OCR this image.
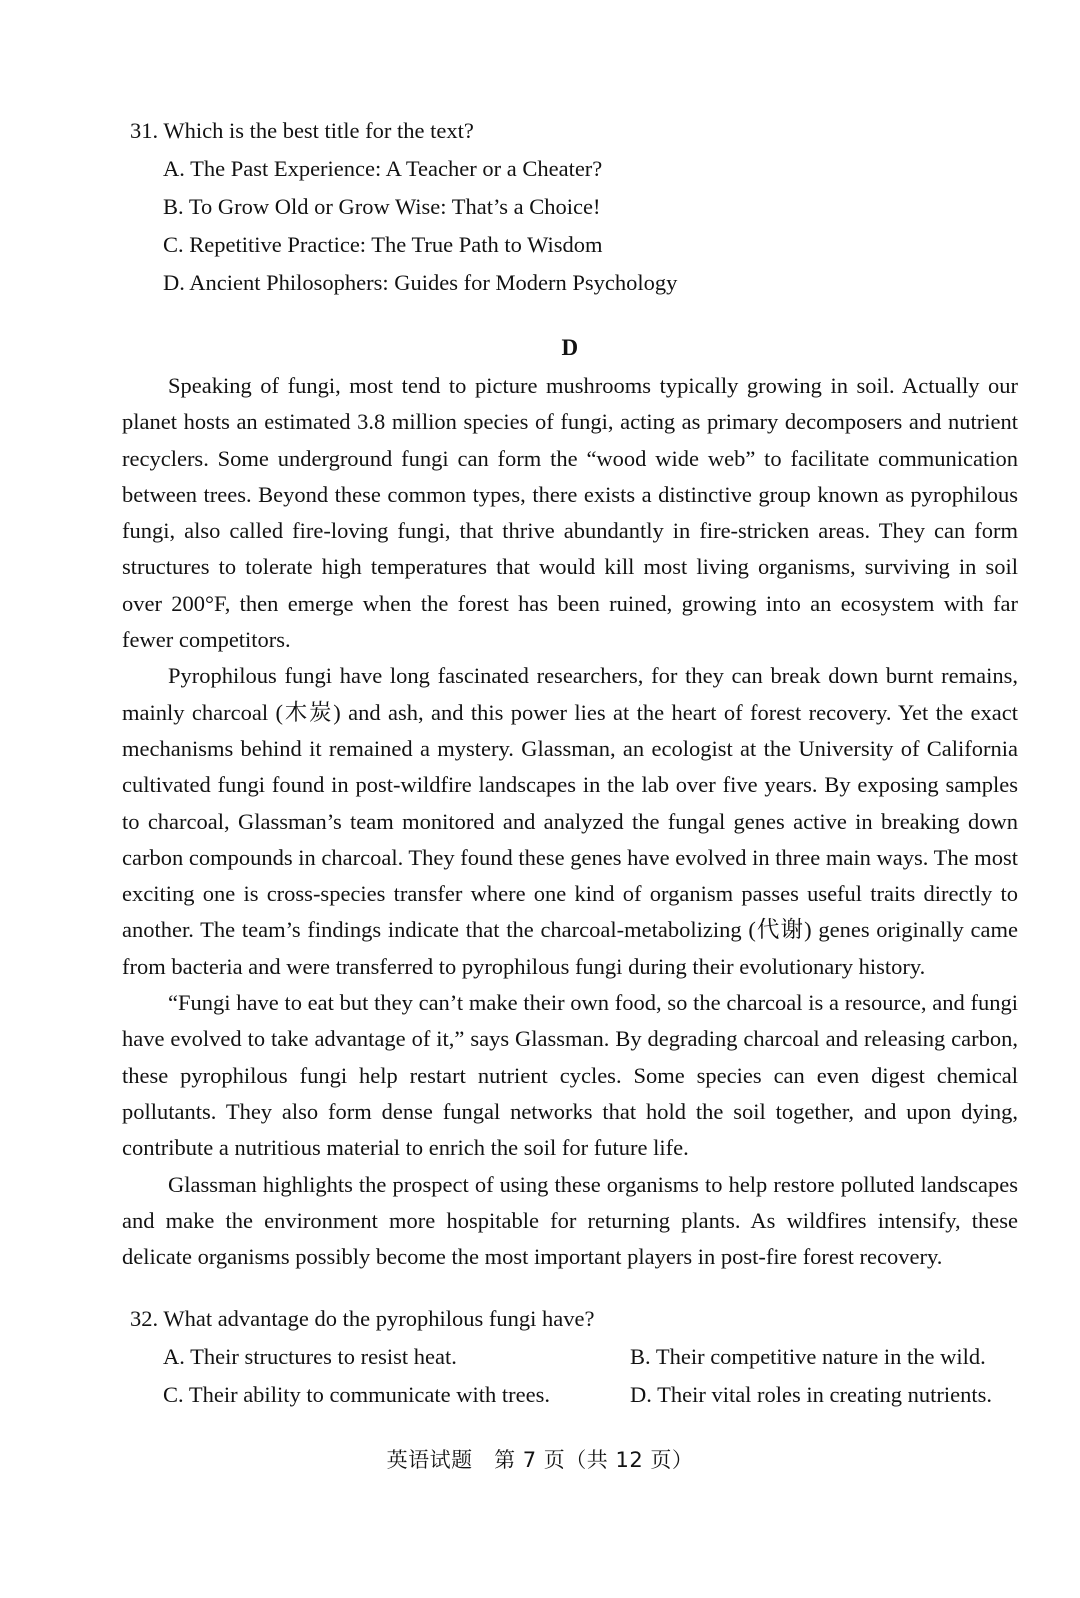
31. Which is the best title for the text?
A. The Past Experience: A Teacher or a Cheater?
B. To Grow Old or Grow Wise: That’s a Choice!
C. Repetitive Practice: The True Path to Wisdom
D. Ancient Philosophers: Guides for Modern Psychology
D

Speaking of fungi, most tend to picture mushrooms typically growing in soil. Actually our planet hosts an estimated 3.8 million species of fungi, acting as primary decomposers and nutrient recyclers. Some underground fungi can form the “wood wide web” to facilitate communication between trees. Beyond these common types, there exists a distinctive group known as pyrophilous fungi, also called fire-loving fungi, that thrive abundantly in fire-stricken areas. They can form structures to tolerate high temperatures that would kill most living organisms, surviving in soil over 200°F, then emerge when the forest has been ruined, growing into an ecosystem with far fewer competitors.

Pyrophilous fungi have long fascinated researchers, for they can break down burnt remains, mainly charcoal (木炭) and ash, and this power lies at the heart of forest recovery. Yet the exact mechanisms behind it remained a mystery. Glassman, an ecologist at the University of California cultivated fungi found in post-wildfire landscapes in the lab over five years. By exposing samples to charcoal, Glassman’s team monitored and analyzed the fungal genes active in breaking down carbon compounds in charcoal. They found these genes have evolved in three main ways. The most exciting one is cross-species transfer where one kind of organism passes useful traits directly to another. The team’s findings indicate that the charcoal-metabolizing (代谢) genes originally came from bacteria and were transferred to pyrophilous fungi during their evolutionary history.

“Fungi have to eat but they can’t make their own food, so the charcoal is a resource, and fungi have evolved to take advantage of it,” says Glassman. By degrading charcoal and releasing carbon, these pyrophilous fungi help restart nutrient cycles. Some species can even digest chemical pollutants. They also form dense fungal networks that hold the soil together, and upon dying, contribute a nutritious material to enrich the soil for future life.

Glassman highlights the prospect of using these organisms to help restore polluted landscapes and make the environment more hospitable for returning plants. As wildfires intensify, these delicate organisms possibly become the most important players in post-fire forest recovery.

32. What advantage do the pyrophilous fungi have?
A. Their structures to resist heat.	B. Their competitive nature in the wild.
C. Their ability to communicate with trees.	D. Their vital roles in creating nutrients.
英语试题　第 7 页（共 12 页）
